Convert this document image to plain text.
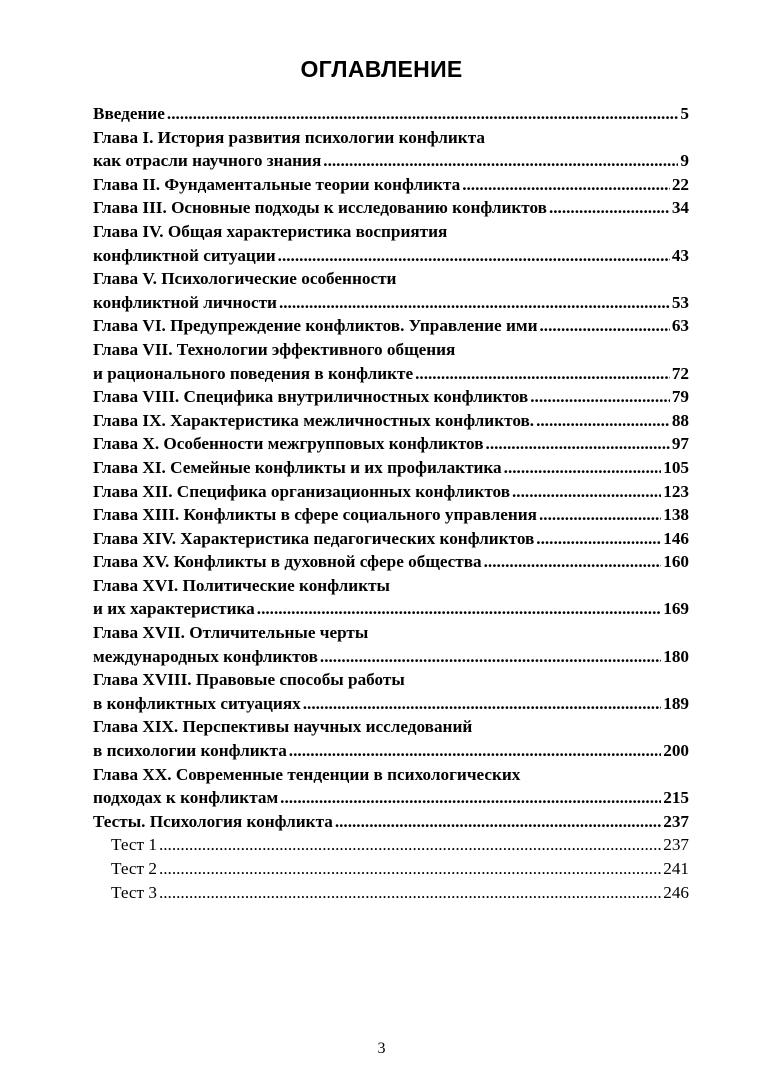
ОГЛАВЛЕНИЕ
Введение .....	5
Глава I. История развития психологии конфликта
как отрасли научного знания .....	9
Глава II. Фундаментальные теории конфликта .....	22
Глава III. Основные подходы к исследованию конфликтов .....	34
Глава IV. Общая характеристика восприятия
конфликтной ситуации .....	43
Глава V. Психологические особенности
конфликтной личности .....	53
Глава VI. Предупреждение конфликтов. Управление ими .....	63
Глава VII. Технологии эффективного общения
и рационального поведения в конфликте .....	72
Глава VIII. Специфика внутриличностных конфликтов .....	79
Глава IX. Характеристика межличностных конфликтов. .....	88
Глава X. Особенности межгрупповых конфликтов .....	97
Глава XI. Семейные конфликты и их профилактика .....	105
Глава XII. Специфика организационных конфликтов .....	123
Глава XIII. Конфликты в сфере социального управления .....	138
Глава XIV. Характеристика педагогических конфликтов .....	146
Глава XV. Конфликты в духовной сфере общества .....	160
Глава XVI. Политические конфликты
и их характеристика .....	169
Глава XVII. Отличительные черты
международных конфликтов .....	180
Глава XVIII. Правовые способы работы
в конфликтных ситуациях .....	189
Глава XIX. Перспективы научных исследований
в психологии конфликта .....	200
Глава XX. Современные тенденции в психологических
подходах к конфликтам .....	215
Тесты. Психология конфликта .....	237
Тест 1 .....	237
Тест 2 .....	241
Тест 3 .....	246
3
